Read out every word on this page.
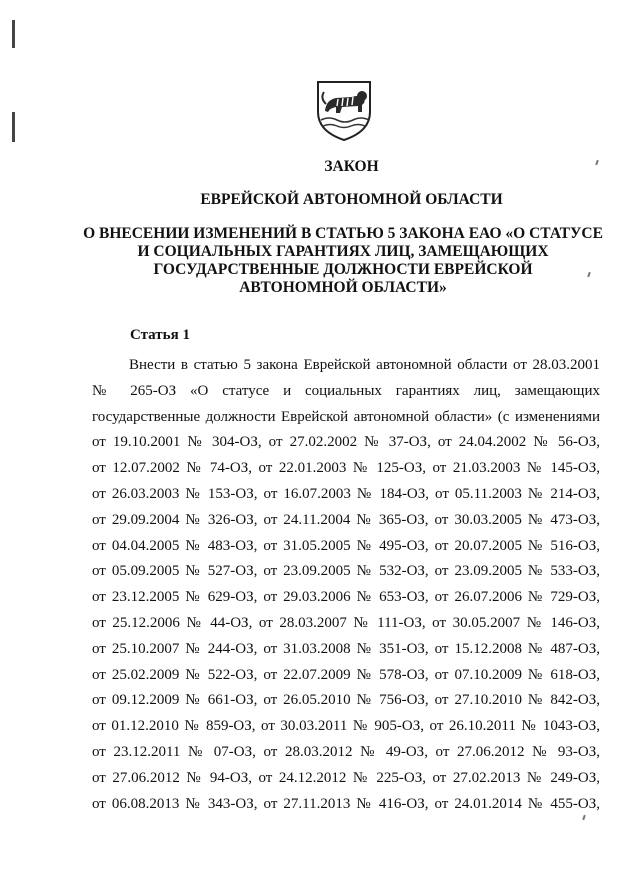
ЗАКОН
ЕВРЕЙСКОЙ АВТОНОМНОЙ ОБЛАСТИ
О ВНЕСЕНИИ ИЗМЕНЕНИЙ В СТАТЬЮ 5 ЗАКОНА ЕАО «О СТАТУСЕ
И СОЦИАЛЬНЫХ ГАРАНТИЯХ ЛИЦ, ЗАМЕЩАЮЩИХ
ГОСУДАРСТВЕННЫЕ ДОЛЖНОСТИ ЕВРЕЙСКОЙ
АВТОНОМНОЙ ОБЛАСТИ»
Статья 1
Внести в статью 5 закона Еврейской автономной области от 28.03.2001
№ 265-ОЗ «О статусе и социальных гарантиях лиц, замещающих
государственные должности Еврейской автономной области» (с изменениями
от 19.10.2001 № 304-ОЗ, от 27.02.2002 № 37-ОЗ, от 24.04.2002 № 56-ОЗ,
от 12.07.2002 № 74-ОЗ, от 22.01.2003 № 125-ОЗ, от 21.03.2003 № 145-ОЗ,
от 26.03.2003 № 153-ОЗ, от 16.07.2003 № 184-ОЗ, от 05.11.2003 № 214-ОЗ,
от 29.09.2004 № 326-ОЗ, от 24.11.2004 № 365-ОЗ, от 30.03.2005 № 473-ОЗ,
от 04.04.2005 № 483-ОЗ, от 31.05.2005 № 495-ОЗ, от 20.07.2005 № 516-ОЗ,
от 05.09.2005 № 527-ОЗ, от 23.09.2005 № 532-ОЗ, от 23.09.2005 № 533-ОЗ,
от 23.12.2005 № 629-ОЗ, от 29.03.2006 № 653-ОЗ, от 26.07.2006 № 729-ОЗ,
от 25.12.2006 № 44-ОЗ, от 28.03.2007 № 111-ОЗ, от 30.05.2007 № 146-ОЗ,
от 25.10.2007 № 244-ОЗ, от 31.03.2008 № 351-ОЗ, от 15.12.2008 № 487-ОЗ,
от 25.02.2009 № 522-ОЗ, от 22.07.2009 № 578-ОЗ, от 07.10.2009 № 618-ОЗ,
от 09.12.2009 № 661-ОЗ, от 26.05.2010 № 756-ОЗ, от 27.10.2010 № 842-ОЗ,
от 01.12.2010 № 859-ОЗ, от 30.03.2011 № 905-ОЗ, от 26.10.2011 № 1043-ОЗ,
от 23.12.2011 № 07-ОЗ, от 28.03.2012 № 49-ОЗ, от 27.06.2012 № 93-ОЗ,
от 27.06.2012 № 94-ОЗ, от 24.12.2012 № 225-ОЗ, от 27.02.2013 № 249-ОЗ,
от 06.08.2013 № 343-ОЗ, от 27.11.2013 № 416-ОЗ, от 24.01.2014 № 455-ОЗ,
